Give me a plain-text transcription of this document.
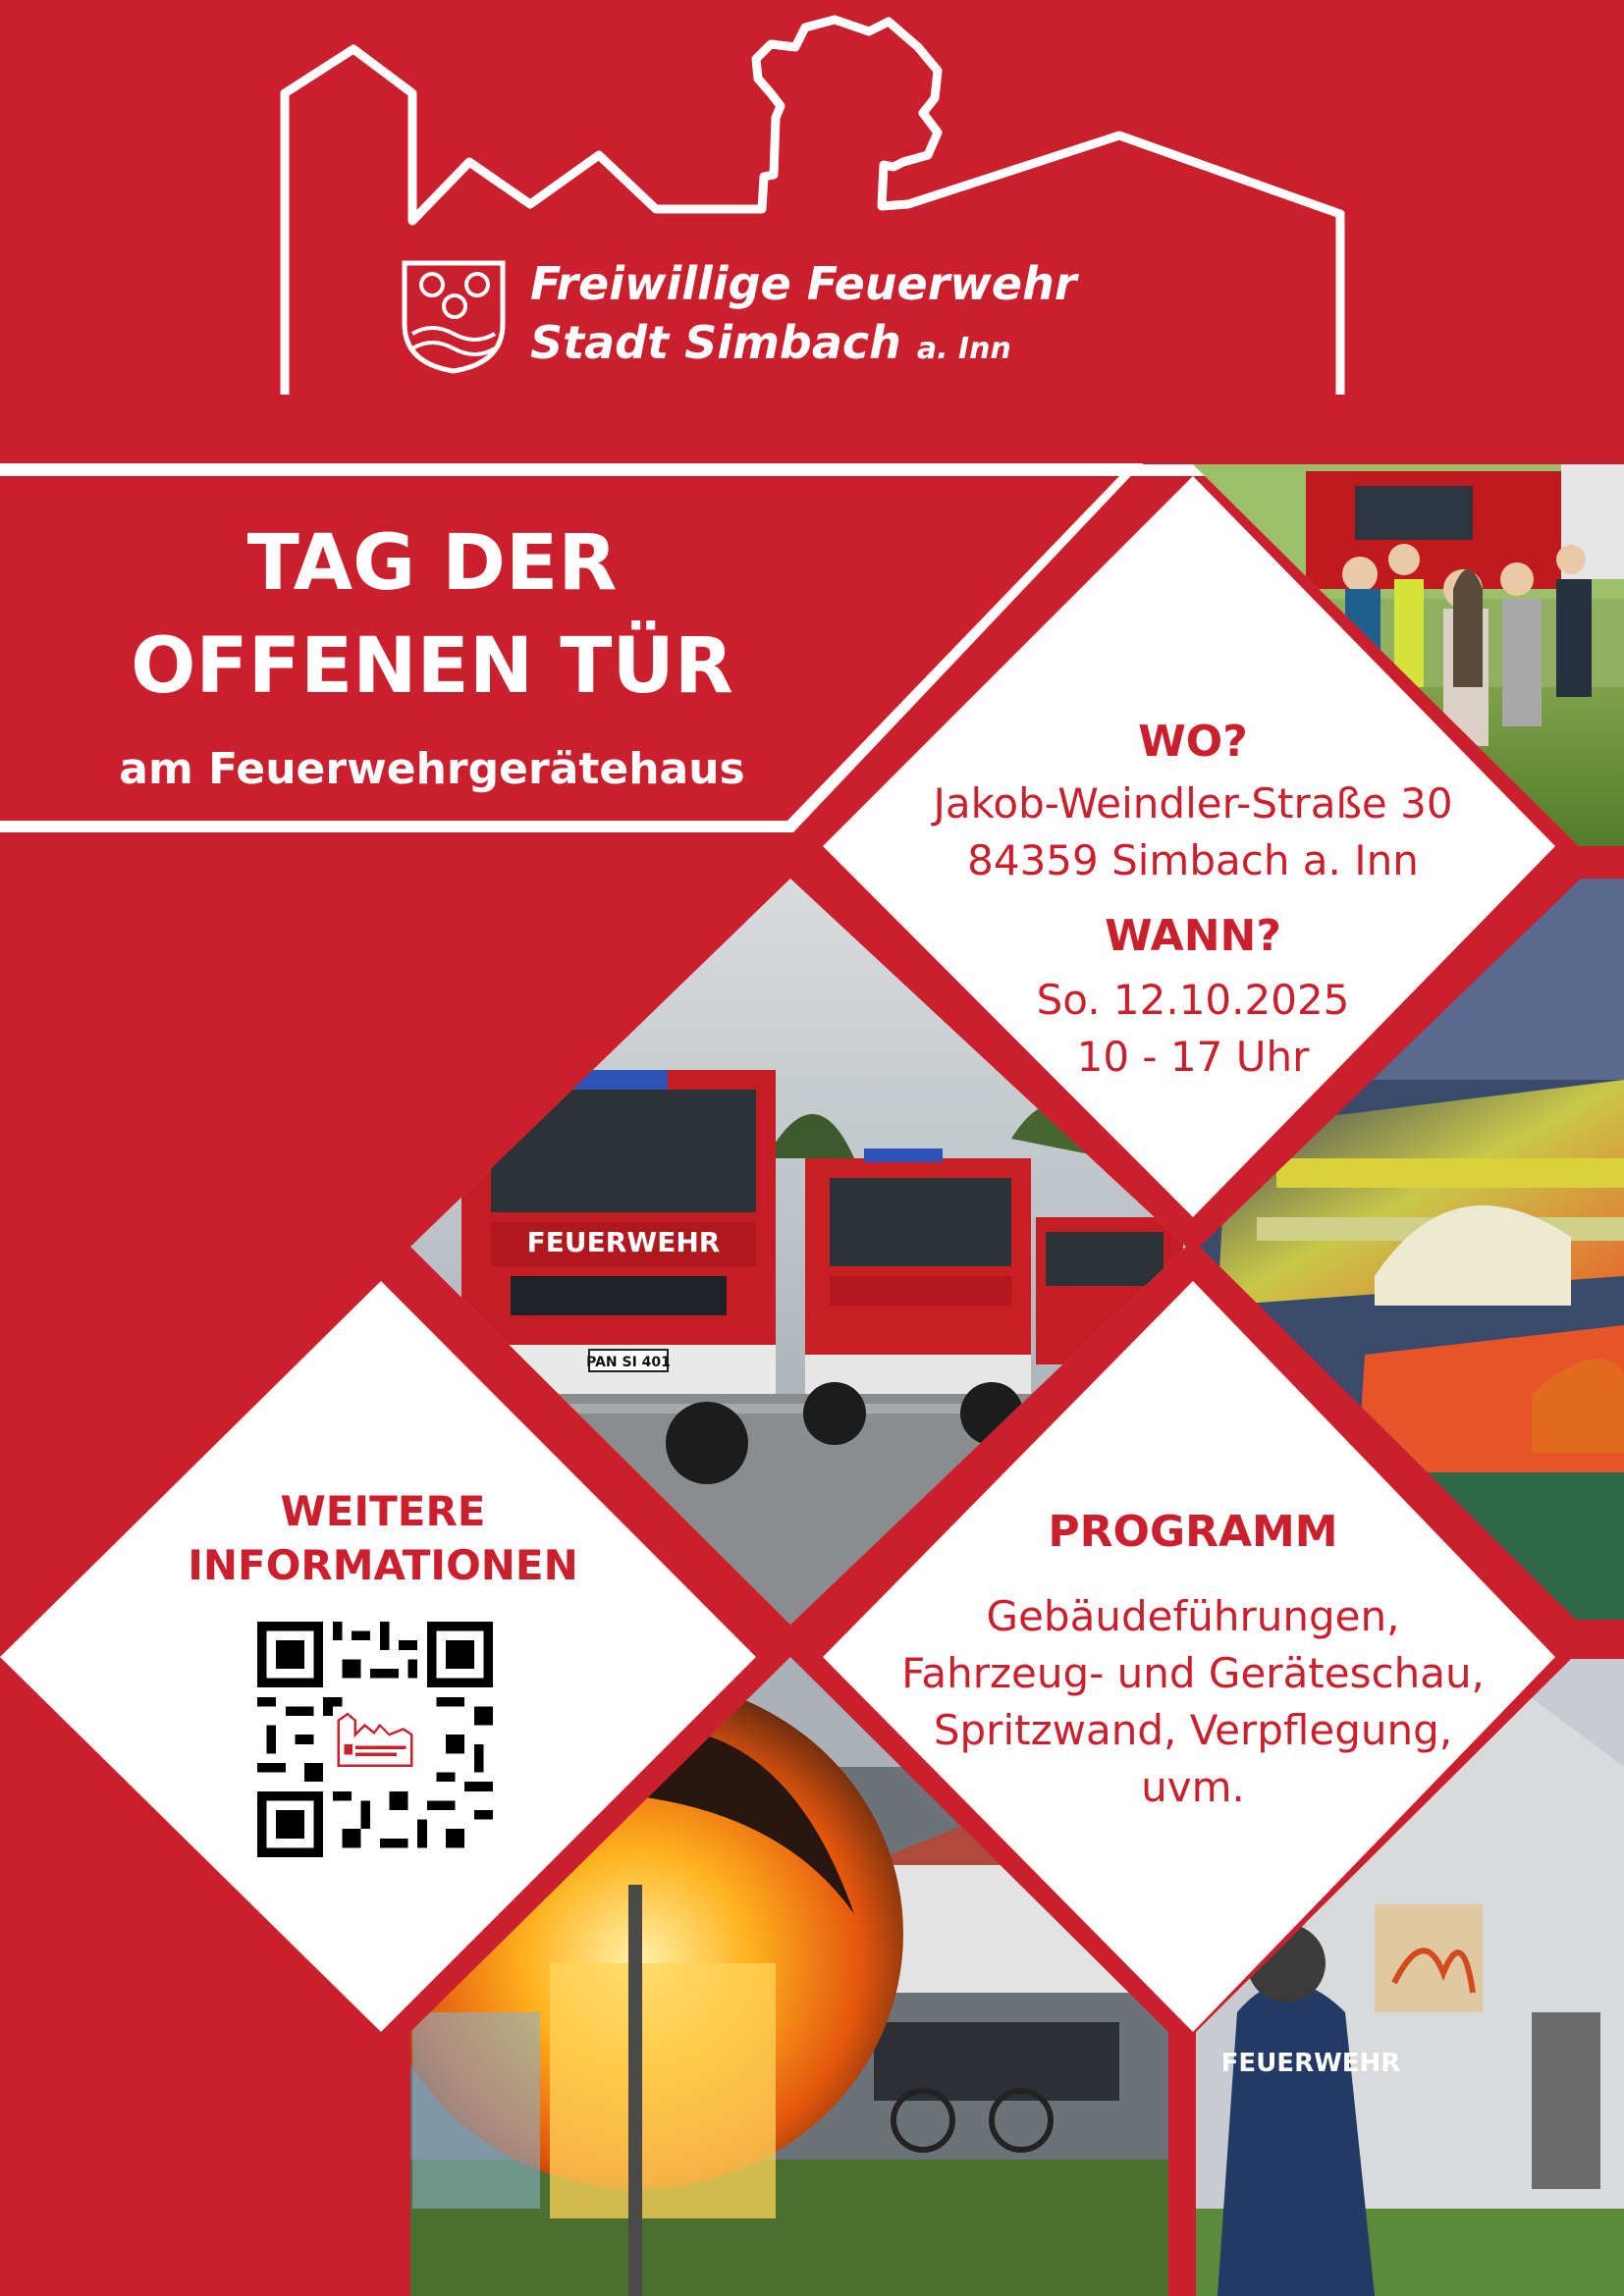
FEUERWEHR
PAN SI 401
FEUERWEHR
Freiwillige Feuerwehr
Stadt Simbach a. Inn
TAG DER
OFFENEN TÜR
am Feuerwehrgerätehaus
WO?
Jakob-Weindler-Straße 30
84359 Simbach a. Inn
WANN?
So. 12.10.2025
10 - 17 Uhr
WEITERE
INFORMATIONEN
PROGRAMM
Gebäudeführungen,
Fahrzeug- und Geräteschau,
Spritzwand, Verpflegung,
uvm.
